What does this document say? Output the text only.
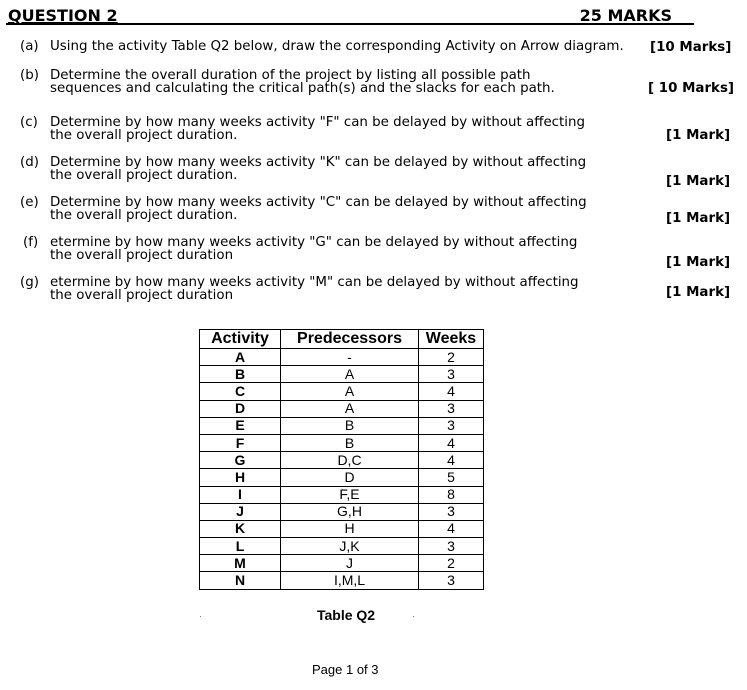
QUESTION 2	25 MARKS
(a) Using the activity Table Q2 below, draw the corresponding Activity on Arrow diagram.	[10 Marks]
(b) Determine the overall duration of the project by listing all possible path
sequences and calculating the critical path(s) and the slacks for each path.	[ 10 Marks]
(c) Determine by how many weeks activity "F" can be delayed by without affecting
the overall project duration.	[1 Mark]
(d) Determine by how many weeks activity "K" can be delayed by without affecting
the overall project duration.	[1 Mark]
(e) Determine by how many weeks activity "C" can be delayed by without affecting
the overall project duration.	[1 Mark]
(f) etermine by how many weeks activity "G" can be delayed by without affecting
the overall project duration	[1 Mark]
(g) etermine by how many weeks activity "M" can be delayed by without affecting
the overall project duration	[1 Mark]
Activity	Predecessors	Weeks
A	-	2
B	A	3
C	A	4
D	A	3
E	B	3
F	B	4
G	D,C	4
H	D	5
I	F,E	8
J	G,H	3
K	H	4
L	J,K	3
M	J	2
N	I,M,L	3
Table Q2
Page 1 of 3
